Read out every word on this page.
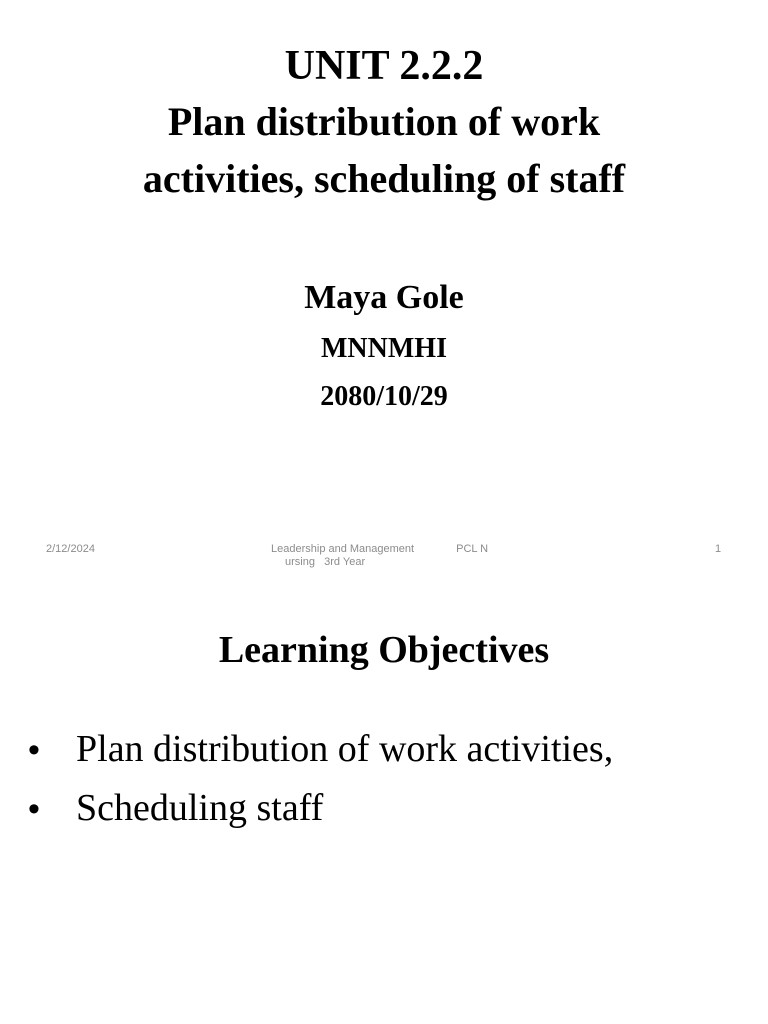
UNIT 2.2.2
Plan distribution of work
activities, scheduling of staff
Maya Gole
MNNMHI
2080/10/29
2/12/2024	Leadership and Management	PCL N
ursing   3rd Year
1
Learning Objectives
• Plan distribution of work activities,
• Scheduling staff
